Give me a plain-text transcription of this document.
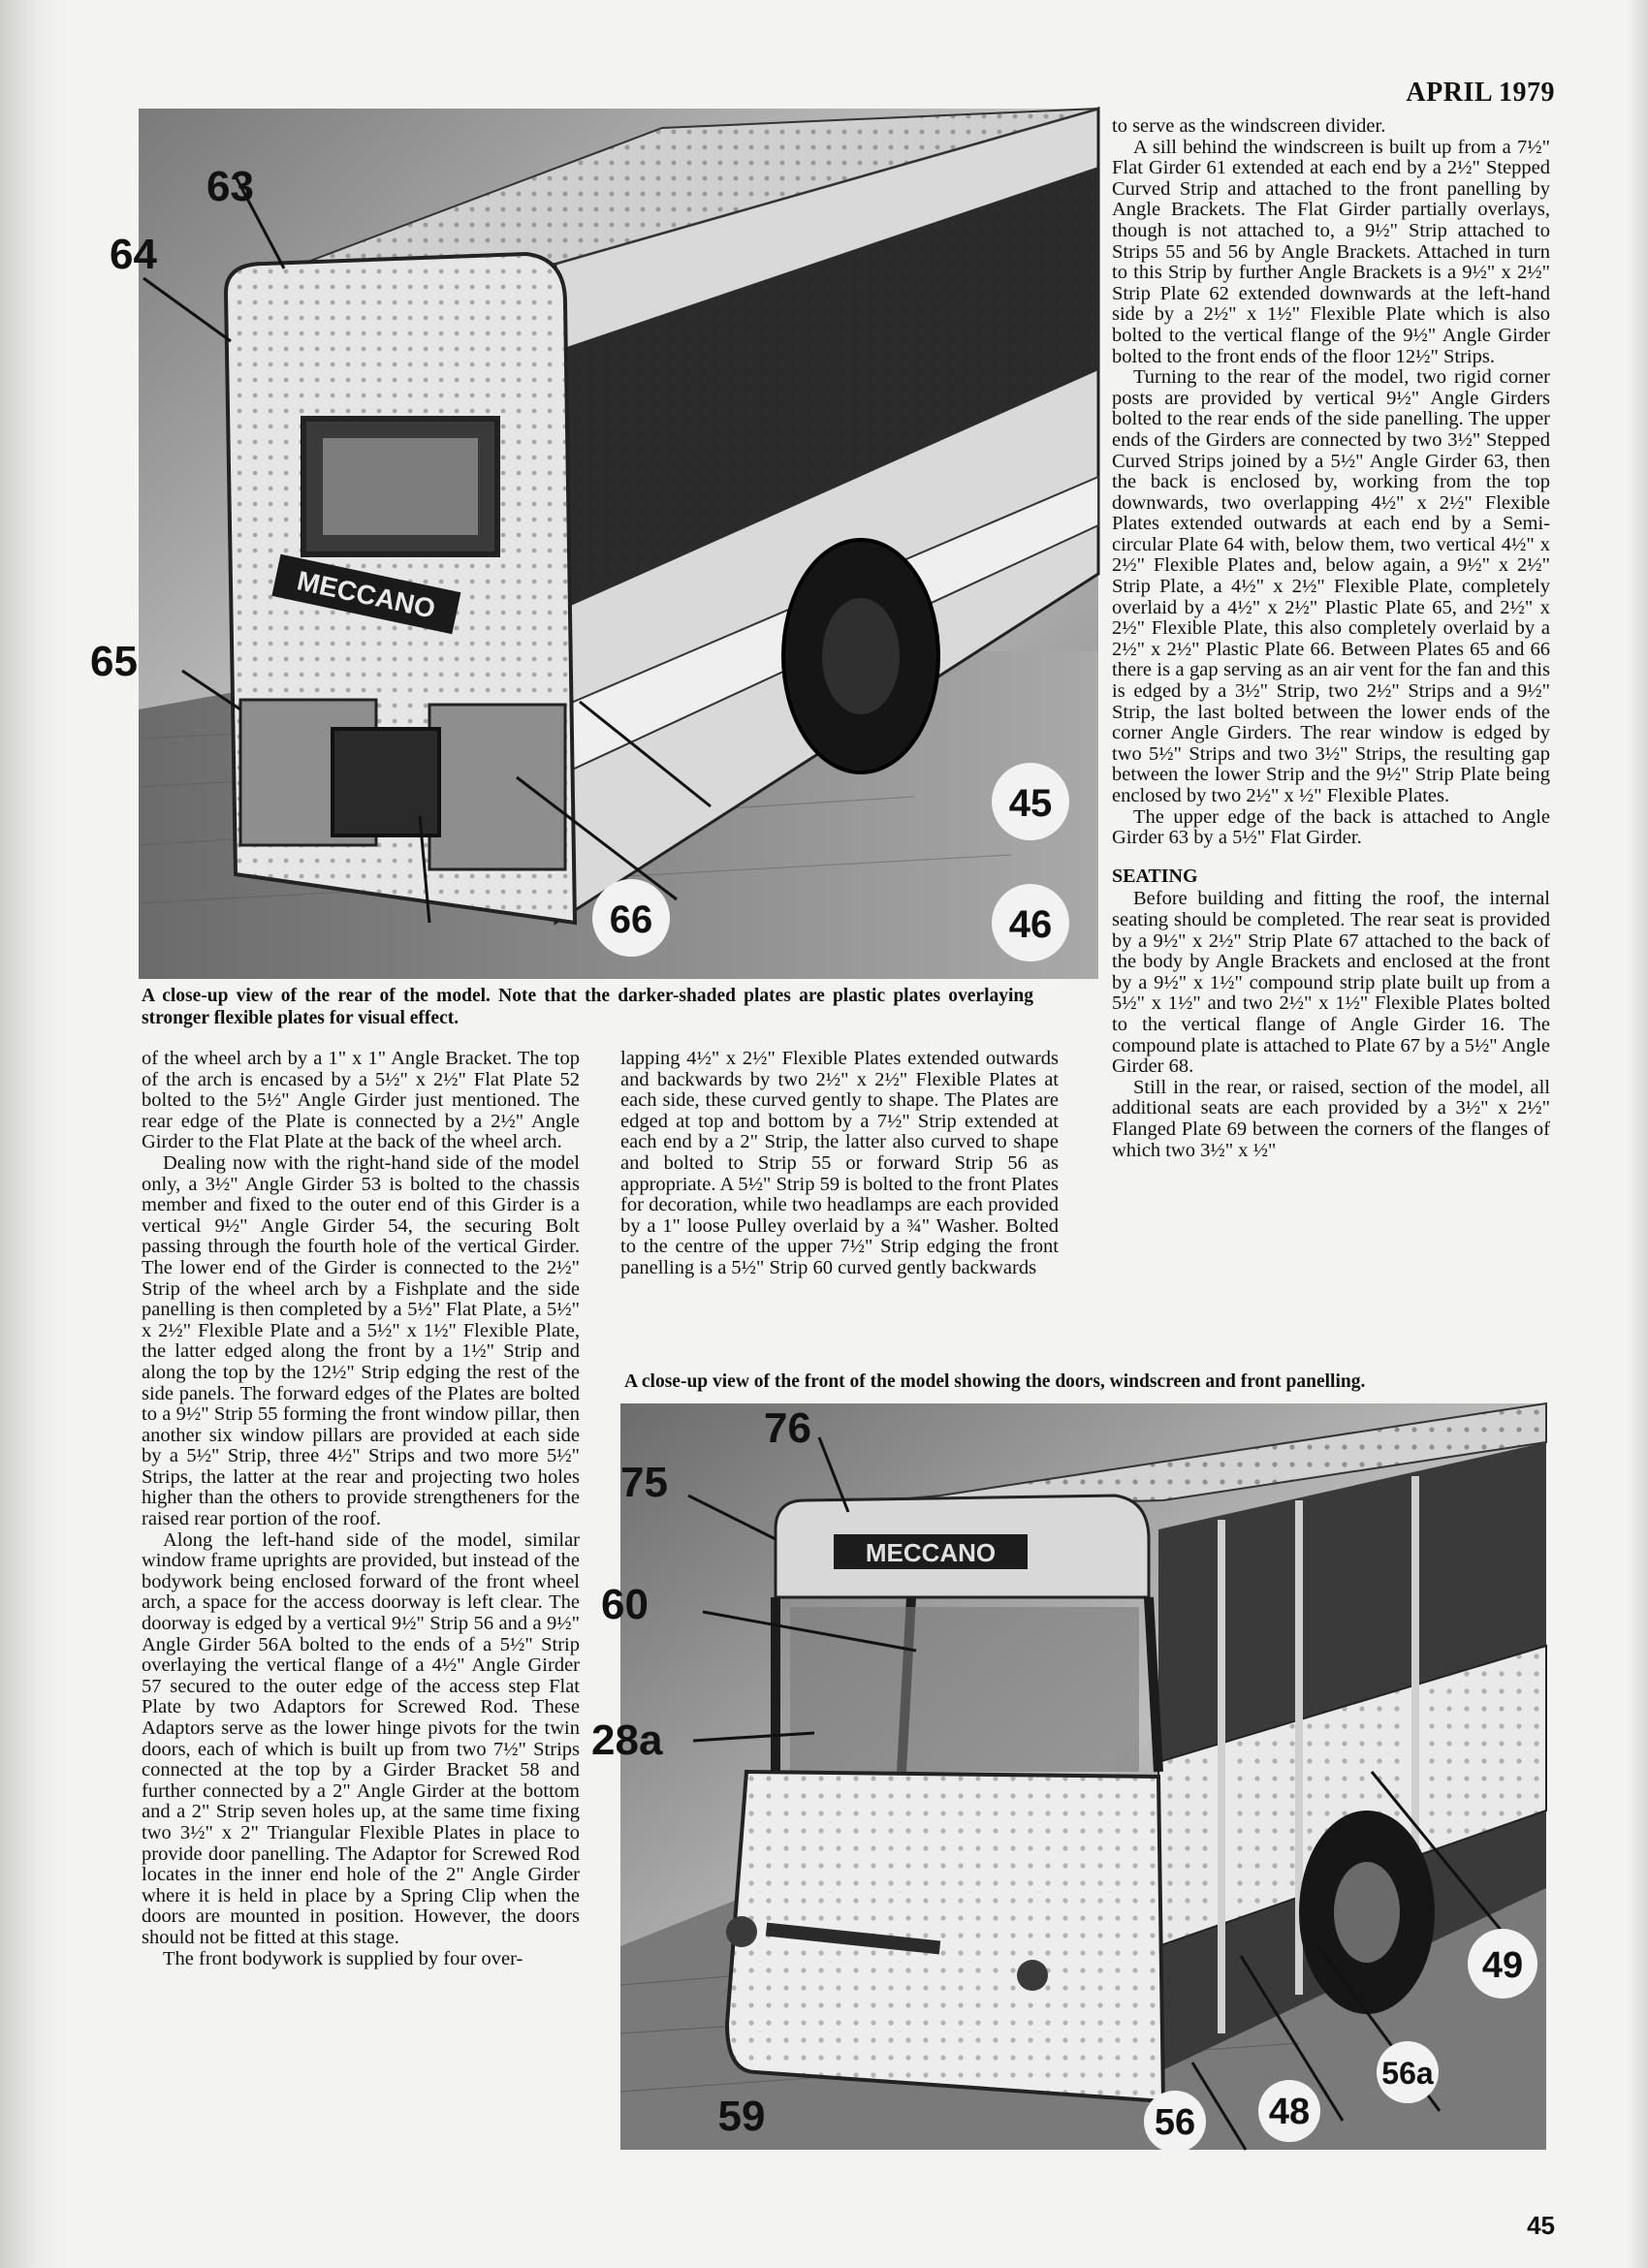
APRIL 1979
MECCANO
63
64
65
45
46
66
A close-up view of the rear of the model. Note that the darker-shaded plates are plastic plates overlaying stronger flexible plates for visual effect.

to serve as the windscreen divider.

A sill behind the windscreen is built up from a 7½" Flat Girder 61 extended at each end by a 2½" Stepped Curved Strip and attached to the front panelling by Angle Brackets. The Flat Girder partially overlays, though is not attached to, a 9½" Strip attached to Strips 55 and 56 by Angle Brackets. Attached in turn to this Strip by further Angle Brackets is a 9½" x 2½" Strip Plate 62 extended downwards at the left-hand side by a 2½" x 1½" Flexible Plate which is also bolted to the vertical flange of the 9½" Angle Girder bolted to the front ends of the floor 12½" Strips.

Turning to the rear of the model, two rigid corner posts are provided by vertical 9½" Angle Girders bolted to the rear ends of the side panelling. The upper ends of the Girders are connected by two 3½" Stepped Curved Strips joined by a 5½" Angle Girder 63, then the back is enclosed by, working from the top downwards, two overlapping 4½" x 2½" Flexible Plates extended outwards at each end by a Semi-circular Plate 64 with, below them, two vertical 4½" x 2½" Flexible Plates and, below again, a 9½" x 2½" Strip Plate, a 4½" x 2½" Flexible Plate, completely overlaid by a 4½" x 2½" Plastic Plate 65, and 2½" x 2½" Flexible Plate, this also completely overlaid by a 2½" x 2½" Plastic Plate 66. Between Plates 65 and 66 there is a gap serving as an air vent for the fan and this is edged by a 3½" Strip, two 2½" Strips and a 9½" Strip, the last bolted between the lower ends of the corner Angle Girders. The rear window is edged by two 5½" Strips and two 3½" Strips, the resulting gap between the lower Strip and the 9½" Strip Plate being enclosed by two 2½" x ½" Flexible Plates.

The upper edge of the back is attached to Angle Girder 63 by a 5½" Flat Girder.

SEATING

Before building and fitting the roof, the internal seating should be completed. The rear seat is provided by a 9½" x 2½" Strip Plate 67 attached to the back of the body by Angle Brackets and enclosed at the front by a 9½" x 1½" compound strip plate built up from a 5½" x 1½" and two 2½" x 1½" Flexible Plates bolted to the vertical flange of Angle Girder 16. The compound plate is attached to Plate 67 by a 5½" Angle Girder 68.

Still in the rear, or raised, section of the model, all additional seats are each provided by a 3½" x 2½" Flanged Plate 69 between the corners of the flanges of which two 3½" x ½"

of the wheel arch by a 1" x 1" Angle Bracket. The top of the arch is encased by a 5½" x 2½" Flat Plate 52 bolted to the 5½" Angle Girder just mentioned. The rear edge of the Plate is connected by a 2½" Angle Girder to the Flat Plate at the back of the wheel arch.

Dealing now with the right-hand side of the model only, a 3½" Angle Girder 53 is bolted to the chassis member and fixed to the outer end of this Girder is a vertical 9½" Angle Girder 54, the securing Bolt passing through the fourth hole of the vertical Girder. The lower end of the Girder is connected to the 2½" Strip of the wheel arch by a Fishplate and the side panelling is then completed by a 5½" Flat Plate, a 5½" x 2½" Flexible Plate and a 5½" x 1½" Flexible Plate, the latter edged along the front by a 1½" Strip and along the top by the 12½" Strip edging the rest of the side panels. The forward edges of the Plates are bolted to a 9½" Strip 55 forming the front window pillar, then another six window pillars are provided at each side by a 5½" Strip, three 4½" Strips and two more 5½" Strips, the latter at the rear and projecting two holes higher than the others to provide strengtheners for the raised rear portion of the roof.

Along the left-hand side of the model, similar window frame uprights are provided, but instead of the bodywork being enclosed forward of the front wheel arch, a space for the access doorway is left clear. The doorway is edged by a vertical 9½" Strip 56 and a 9½" Angle Girder 56A bolted to the ends of a 5½" Strip overlaying the vertical flange of a 4½" Angle Girder 57 secured to the outer edge of the access step Flat Plate by two Adaptors for Screwed Rod. These Adaptors serve as the lower hinge pivots for the twin doors, each of which is built up from two 7½" Strips connected at the top by a Girder Bracket 58 and further connected by a 2" Angle Girder at the bottom and a 2" Strip seven holes up, at the same time fixing two 3½" x 2" Triangular Flexible Plates in place to provide door panelling. The Adaptor for Screwed Rod locates in the inner end hole of the 2" Angle Girder where it is held in place by a Spring Clip when the doors are mounted in position. However, the doors should not be fitted at this stage.

The front bodywork is supplied by four over-

lapping 4½" x 2½" Flexible Plates extended outwards and backwards by two 2½" x 2½" Flexible Plates at each side, these curved gently to shape. The Plates are edged at top and bottom by a 7½" Strip extended at each end by a 2" Strip, the latter also curved to shape and bolted to Strip 55 or forward Strip 56 as appropriate. A 5½" Strip 59 is bolted to the front Plates for decoration, while two headlamps are each provided by a 1" loose Pulley overlaid by a ¾" Washer. Bolted to the centre of the upper 7½" Strip edging the front panelling is a 5½" Strip 60 curved gently backwards

A close-up view of the front of the model showing the doors, windscreen and front panelling.
MECCANO
76
75
60
28a
49
56a
59	56 48
45
